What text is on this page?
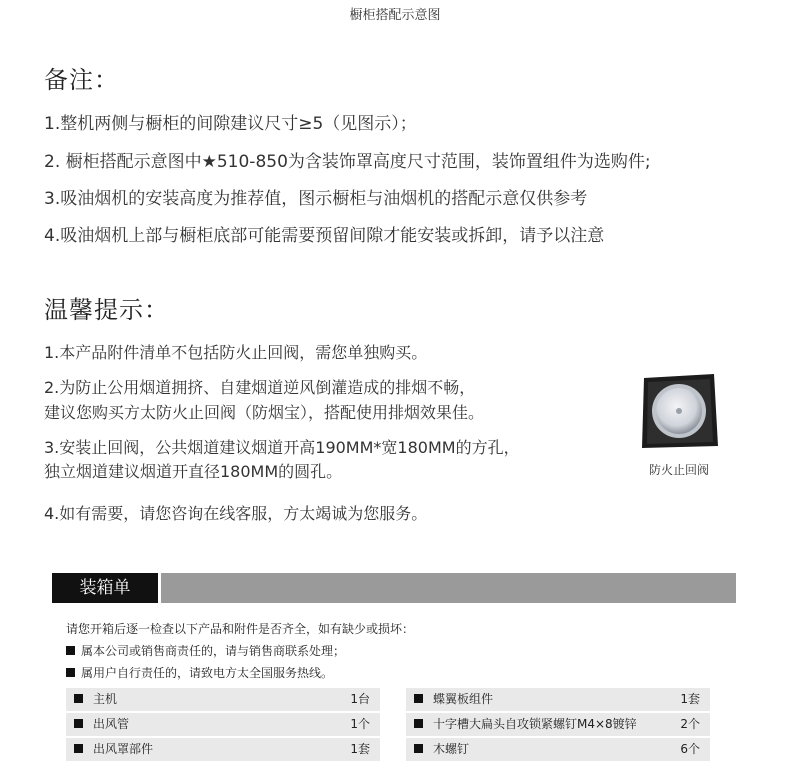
橱柜搭配示意图
备注：
1.整机两侧与橱柜的间隙建议尺寸≥5（见图示）；
2. 橱柜搭配示意图中★510-850为含装饰罩高度尺寸范围，装饰置组件为选购件;
3.吸油烟机的安装高度为推荐值，图示橱柜与油烟机的搭配示意仅供参考
4.吸油烟机上部与橱柜底部可能需要预留间隙才能安装或拆卸，请予以注意
温馨提示：
1.本产品附件清单不包括防火止回阀，需您单独购买。
2.为防止公用烟道拥挤、自建烟道逆风倒灌造成的排烟不畅，
建议您购买方太防火止回阀（防烟宝），搭配使用排烟效果佳。
3.安装止回阀，公共烟道建议烟道开高190MM*宽180MM的方孔，
独立烟道建议烟道开直径180MM的圆孔。
4.如有需要，请您咨询在线客服，方太竭诚为您服务。
防火止回阀
装箱单
请您开箱后逐一检查以下产品和附件是否齐全，如有缺少或损坏：
属本公司或销售商责任的，请与销售商联系处理；
属用户自行责任的，请致电方太全国服务热线。
主机	1台
出风管	1个
出风罩部件	1套
蝶翼板组件	1套
十字槽大扁头自攻锁紧螺钉M4×8镀锌	2个
木螺钉	6个
